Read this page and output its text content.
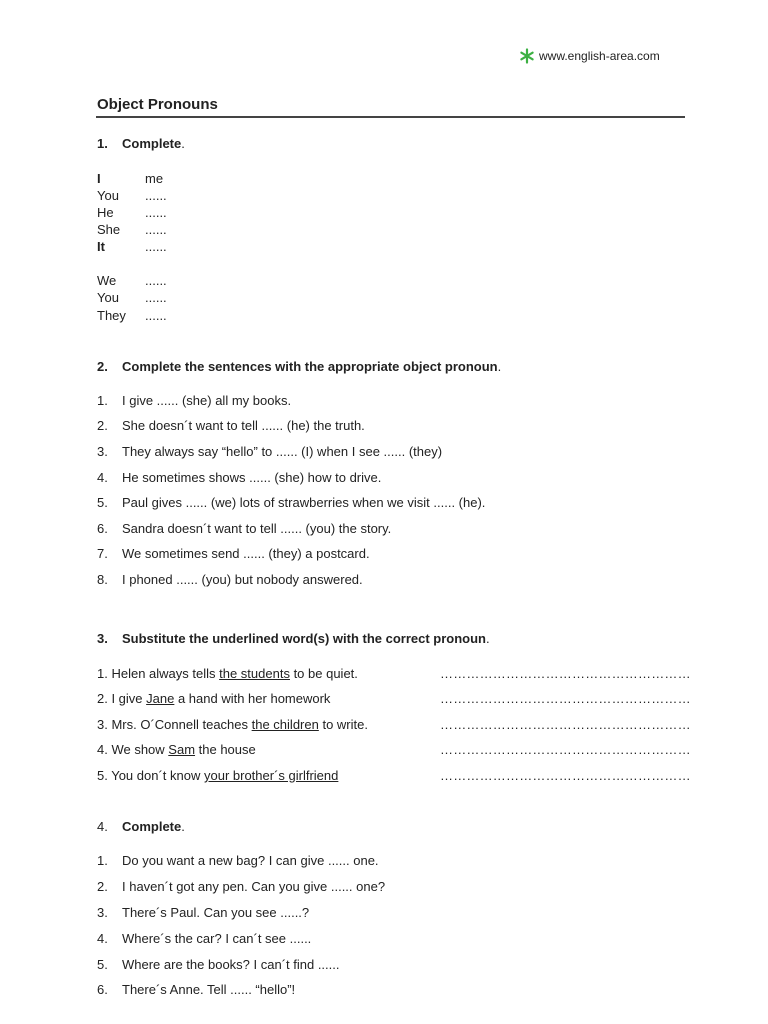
www.english-area.com
Object Pronouns
1. Complete.
I	me
You ......
He ......
She ......
It	......
We ......
You ......
They ......
2. Complete the sentences with the appropriate object pronoun.
1. I give ...... (she) all my books.
2. She doesn´t want to tell ...... (he) the truth.
3. They always say “hello” to ...... (I) when I see ...... (they)
4. He sometimes shows ...... (she) how to drive.
5. Paul gives ...... (we) lots of strawberries when we visit ...... (he).
6. Sandra doesn´t want to tell ...... (you) the story.
7. We sometimes send ...... (they) a postcard.
8. I phoned ...... (you) but nobody answered.
3. Substitute the underlined word(s) with the correct pronoun.
1. Helen always tells the students to be quiet.	…………………………………………………
2. I give Jane a hand with her homework	…………………………………………………
3. Mrs. O´Connell teaches the children to write.	…………………………………………………
4. We show Sam the house	…………………………………………………
5. You don´t know your brother´s girlfriend	…………………………………………………
4. Complete.
1. Do you want a new bag? I can give ...... one.
2. I haven´t got any pen. Can you give ...... one?
3. There´s Paul. Can you see ......?
4. Where´s the car? I can´t see ......
5. Where are the books? I can´t find ......
6. There´s Anne. Tell ...... “hello”!
